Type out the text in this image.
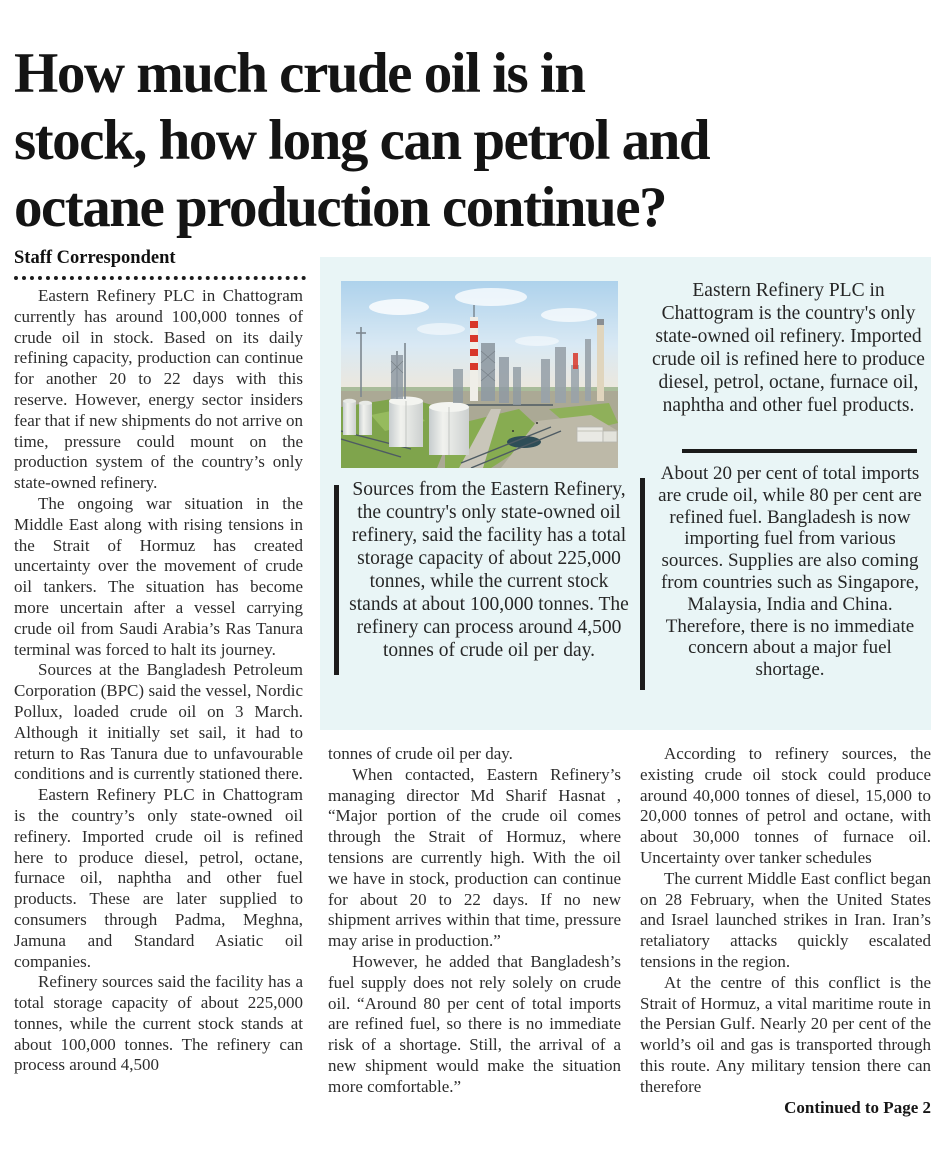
How much crude oil is in
stock, how long can petrol and
octane production continue?
Staff Correspondent

Eastern Refinery PLC in Chattogram currently has around 100,000 tonnes of crude oil in stock. Based on its daily refining capacity, production can continue for another 20 to 22 days with this reserve. However, energy sector insiders fear that if new shipments do not arrive on time, pressure could mount on the production system of the country’s only state-owned refinery.

The ongoing war situation in the Middle East along with rising tensions in the Strait of Hormuz has created uncertainty over the movement of crude oil tankers. The situation has become more uncertain after a vessel carrying crude oil from Saudi Arabia’s Ras Tanura terminal was forced to halt its journey.

Sources at the Bangladesh Petroleum Corporation (BPC) said the vessel, Nordic Pollux, loaded crude oil on 3 March. Although it initially set sail, it had to return to Ras Tanura due to unfavourable conditions and is currently stationed there.

Eastern Refinery PLC in Chattogram is the country’s only state-owned oil refinery. Imported crude oil is refined here to produce diesel, petrol, octane, furnace oil, naphtha and other fuel products. These are later supplied to consumers through Padma, Meghna, Jamuna and Standard Asiatic oil companies.

Refinery sources said the facility has a total storage capacity of about 225,000 tonnes, while the current stock stands at about 100,000 tonnes. The refinery can process around 4,500

Sources from the Eastern Refinery, the country's only state-owned oil refinery, said the facility has a total storage capacity of about 225,000 tonnes, while the current stock stands at about 100,000 tonnes. The refinery can process around 4,500 tonnes of crude oil per day.
Eastern Refinery PLC in Chattogram is the country's only state-owned oil refinery. Imported crude oil is refined here to produce diesel, petrol, octane, furnace oil, naphtha and other fuel products.
About 20 per cent of total imports are crude oil, while 80 per cent are refined fuel. Bangladesh is now importing fuel from various sources. Supplies are also coming from countries such as Singapore, Malaysia, India and China. Therefore, there is no immediate concern about a major fuel shortage.

tonnes of crude oil per day.

When contacted, Eastern Refinery’s managing director Md Sharif Hasnat , “Major portion of the crude oil comes through the Strait of Hormuz, where tensions are currently high. With the oil we have in stock, production can continue for about 20 to 22 days. If no new shipment arrives within that time, pressure may arise in production.”

However, he added that Bangladesh’s fuel supply does not rely solely on crude oil. “Around 80 per cent of total imports are refined fuel, so there is no immediate risk of a shortage. Still, the arrival of a new shipment would make the situation more comfortable.”

According to refinery sources, the existing crude oil stock could produce around 40,000 tonnes of diesel, 15,000 to 20,000 tonnes of petrol and octane, with about 30,000 tonnes of furnace oil. Uncertainty over tanker schedules

The current Middle East conflict began on 28 February, when the United States and Israel launched strikes in Iran. Iran’s retaliatory attacks quickly escalated tensions in the region.

At the centre of this conflict is the Strait of Hormuz, a vital maritime route in the Persian Gulf. Nearly 20 per cent of the world’s oil and gas is transported through this route. Any military tension there can therefore

Continued to Page 2
